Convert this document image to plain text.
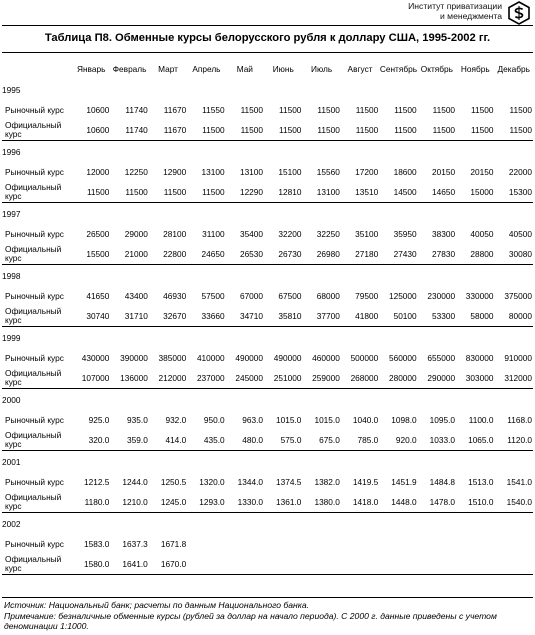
Институт приватизации
и менеджмента
Таблица П8. Обменные курсы белорусского рубля к доллару США, 1995-2002 гг.
	Январь	Февраль	Март	Апрель	Май	Июнь	Июль	Август	Сентябрь	Октябрь	Ноябрь	Декабрь
1995												
Рыночный курс	10600	11740	11670	11550	11500	11500	11500	11500	11500	11500	11500	11500
Официальный курс	10600	11740	11670	11500	11500	11500	11500	11500	11500	11500	11500	11500
1996												
Рыночный курс	12000	12250	12900	13100	13100	15100	15560	17200	18600	20150	20150	22000
Официальный курс	11500	11500	11500	11500	12290	12810	13100	13510	14500	14650	15000	15300
1997												
Рыночный курс	26500	29000	28100	31100	35400	32200	32250	35100	35950	38300	40050	40500
Официальный курс	15500	21000	22800	24650	26530	26730	26980	27180	27430	27830	28800	30080
1998												
Рыночный курс	41650	43400	46930	57500	67000	67500	68000	79500	125000	230000	330000	375000
Официальный курс	30740	31710	32670	33660	34710	35810	37700	41800	50100	53300	58000	80000
1999												
Рыночный курс	430000	390000	385000	410000	490000	490000	460000	500000	560000	655000	830000	910000
Официальный курс	107000	136000	212000	237000	245000	251000	259000	268000	280000	290000	303000	312000
2000												
Рыночный курс	925.0	935.0	932.0	950.0	963.0	1015.0	1015.0	1040.0	1098.0	1095.0	1100.0	1168.0
Официальный курс	320.0	359.0	414.0	435.0	480.0	575.0	675.0	785.0	920.0	1033.0	1065.0	1120.0
2001												
Рыночный курс	1212.5	1244.0	1250.5	1320.0	1344.0	1374.5	1382.0	1419.5	1451.9	1484.8	1513.0	1541.0
Официальный курс	1180.0	1210.0	1245.0	1293.0	1330.0	1361.0	1380.0	1418.0	1448.0	1478.0	1510.0	1540.0
2002												
Рыночный курс	1583.0	1637.3	1671.8									
Официальный курс	1580.0	1641.0	1670.0									
Источник: Национальный банк; расчеты по данным Национального банка.
Примечание: безналичные обменные курсы (рублей за доллар на начало периода). С 2000 г. данные приведены с учетом деноминации 1:1000.
